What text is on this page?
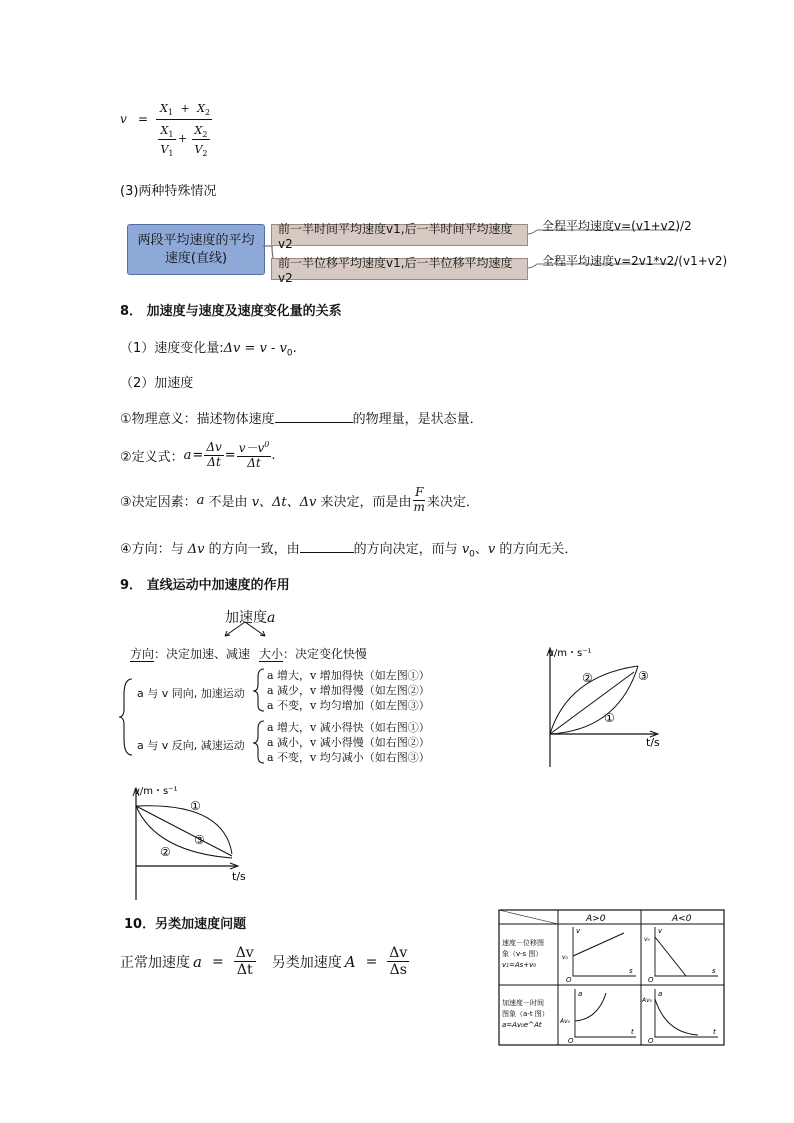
v =
$X_1 + X_2$
$X_1$
$V_1$
+
$X_2$
$V_2$
(3)两种特殊情况
两段平均速度的平均速度(直线)
前一半时间平均速度v1,后一半时间平均速度v2
前一半位移平均速度v1,后一半位移平均速度v2
全程平均速度v=(v1+v2)/2
全程平均速度v=2v1*v2/(v1+v2)
8． 加速度与速度及速度变化量的关系
（1）速度变化量:Δv = v - $v_0$.
（2）加速度
①物理意义：描述物体速度	的物理量，是状态量．
②定义式： $a = \frac{\Delta v}{\Delta t} = \frac{v-v^0}{\Delta t}$ .
③决定因素： a 不是由 v、Δt、Δv 来决定，而是由 $\frac{F}{m}$ 来决定．
④方向：与 Δv 的方向一致，由	的方向决定，而与 $v_0$、v 的方向无关．
9． 直线运动中加速度的作用
加速度a
方向：决定加速、减速 大小：决定变化快慢
a 与 v 同向, 加速运动
a 与 v 反向, 减速运动
a 增大，v 增加得快（如左图①）
a 减少，v 增加得慢（如左图②）
a 不变，v 均匀增加（如左图③）
a 增大，v 减小得快（如右图①）
a 减小，v 减小得慢（如右图②）
a 不变，v 均匀减小（如右图③）
v/m・s⁻¹
t/s
②	③
①
v/m・s⁻¹
t/s
①
③
②
10．另类加速度问题
正常加速度 $a = \frac{\Delta v}{\Delta t}$ 另类加速度 $A = \frac{\Delta v}{\Delta s}$
A>0	A<0
速度－位移图
象（v-s 图）
v₁=As+v₀
加速度－时间
图象（a-t 图）
a=Av₀e^At
v
v₀
O
s
v
v₀
O
s
a
Av₀
O
t
a
Av₀
O
t
